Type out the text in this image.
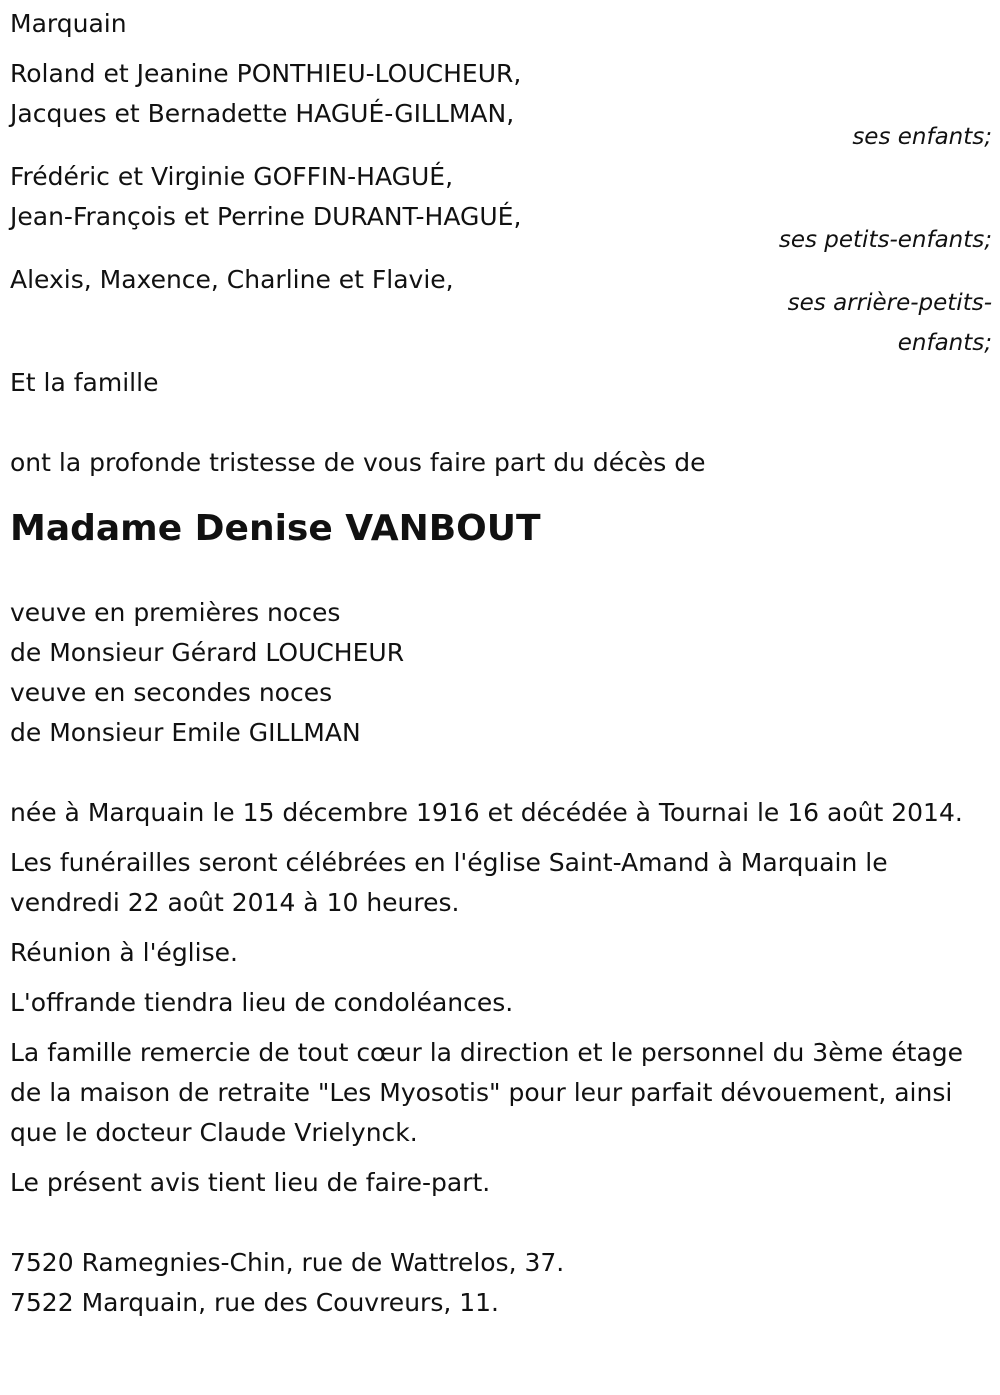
Marquain
Roland et Jeanine PONTHIEU-LOUCHEUR,
Jacques et Bernadette HAGUÉ-GILLMAN,
ses enfants;
Frédéric et Virginie GOFFIN-HAGUÉ,
Jean-François et Perrine DURANT-HAGUÉ,
ses petits-enfants;
Alexis, Maxence, Charline et Flavie,
ses arrière-petits-
enfants;
Et la famille
ont la profonde tristesse de vous faire part du décès de
Madame Denise VANBOUT
veuve en premières noces
de Monsieur Gérard LOUCHEUR
veuve en secondes noces
de Monsieur Emile GILLMAN
née à Marquain le 15 décembre 1916 et décédée à Tournai le 16 août 2014.
Les funérailles seront célébrées en l'église Saint-Amand à Marquain le vendredi 22 août 2014 à 10 heures.
Réunion à l'église.
L'offrande tiendra lieu de condoléances.
La famille remercie de tout cœur la direction et le personnel du 3ème étage de la maison de retraite "Les Myosotis" pour leur parfait dévouement, ainsi que le docteur Claude Vrielynck.
Le présent avis tient lieu de faire-part.
7520 Ramegnies-Chin, rue de Wattrelos, 37.
7522 Marquain, rue des Couvreurs, 11.
